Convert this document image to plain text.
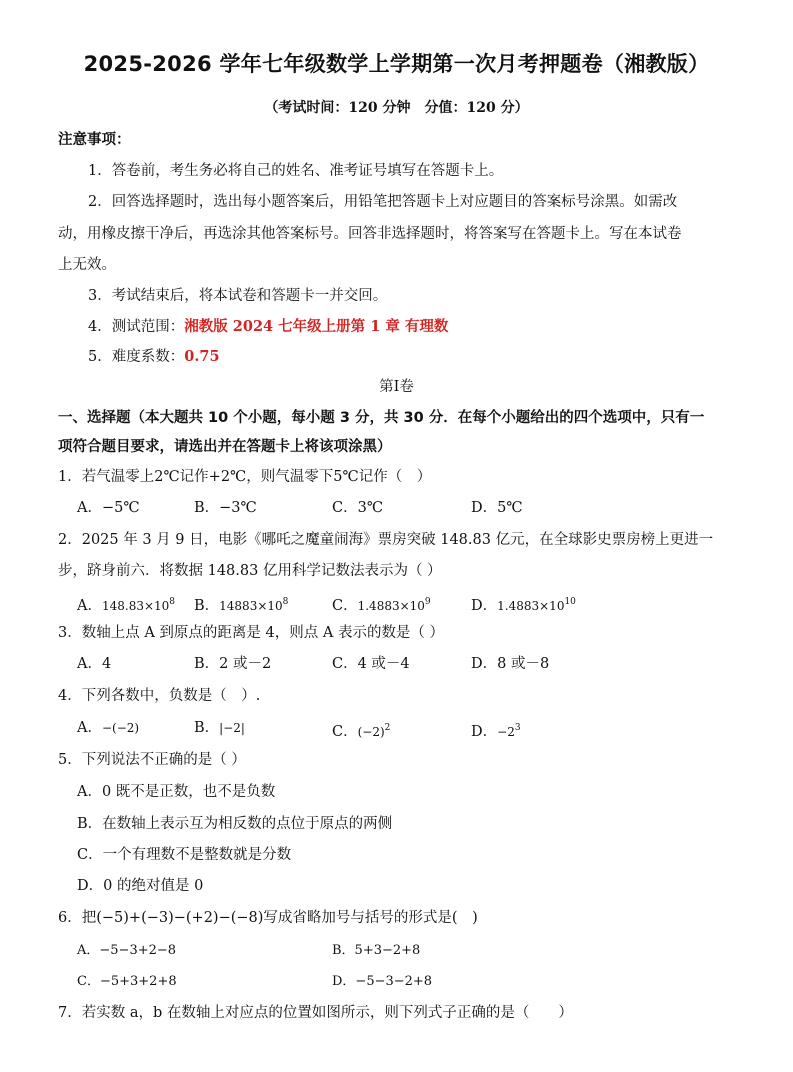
2025-2026 学年七年级数学上学期第一次月考押题卷（湘教版）
（考试时间：120 分钟　分值：120 分）
注意事项：
1．答卷前，考生务必将自己的姓名、准考证号填写在答题卡上。
2．回答选择题时，选出每小题答案后，用铅笔把答题卡上对应题目的答案标号涂黑。如需改
动，用橡皮擦干净后，再选涂其他答案标号。回答非选择题时，将答案写在答题卡上。写在本试卷
上无效。
3．考试结束后，将本试卷和答题卡一并交回。
4．测试范围：湘教版 2024 七年级上册第 1 章 有理数
5．难度系数：0.75
第Ⅰ卷
一、选择题（本大题共 10 个小题，每小题 3 分，共 30 分．在每个小题给出的四个选项中，只有一
项符合题目要求，请选出并在答题卡上将该项涂黑）
1．若气温零上2℃记作+2℃，则气温零下5℃记作（　）
A．−5℃	B．−3℃	C．3℃	D．5℃
2．2025 年 3 月 9 日，电影《哪吒之魔童闹海》票房突破 148.83 亿元，在全球影史票房榜上更进一
步，跻身前六．将数据 148.83 亿用科学记数法表示为（ ）
A．$148.83\times 10^8$ B．$14883\times 10^8$	C．$1.4883\times 10^9$	D．$1.4883\times 10^{10}$
3．数轴上点 A 到原点的距离是 4，则点 A 表示的数是（ ）
A．4	B．2 或－2	C．4 或－4	D．8 或－8
4．下列各数中，负数是（　）.
A．−(−2)	B．|−2|	C．$(-2)^2$	D．$-2^3$
5．下列说法不正确的是（ ）
A．0 既不是正数，也不是负数
B．在数轴上表示互为相反数的点位于原点的两侧
C．一个有理数不是整数就是分数
D．0 的绝对值是 0
6．把(−5)+(−3)−(+2)−(−8)写成省略加号与括号的形式是(　)
A．−5−3+2−8	B．5+3−2+8
C．−5+3+2+8	D．−5−3−2+8
7．若实数 a，b 在数轴上对应点的位置如图所示，则下列式子正确的是（　　）
